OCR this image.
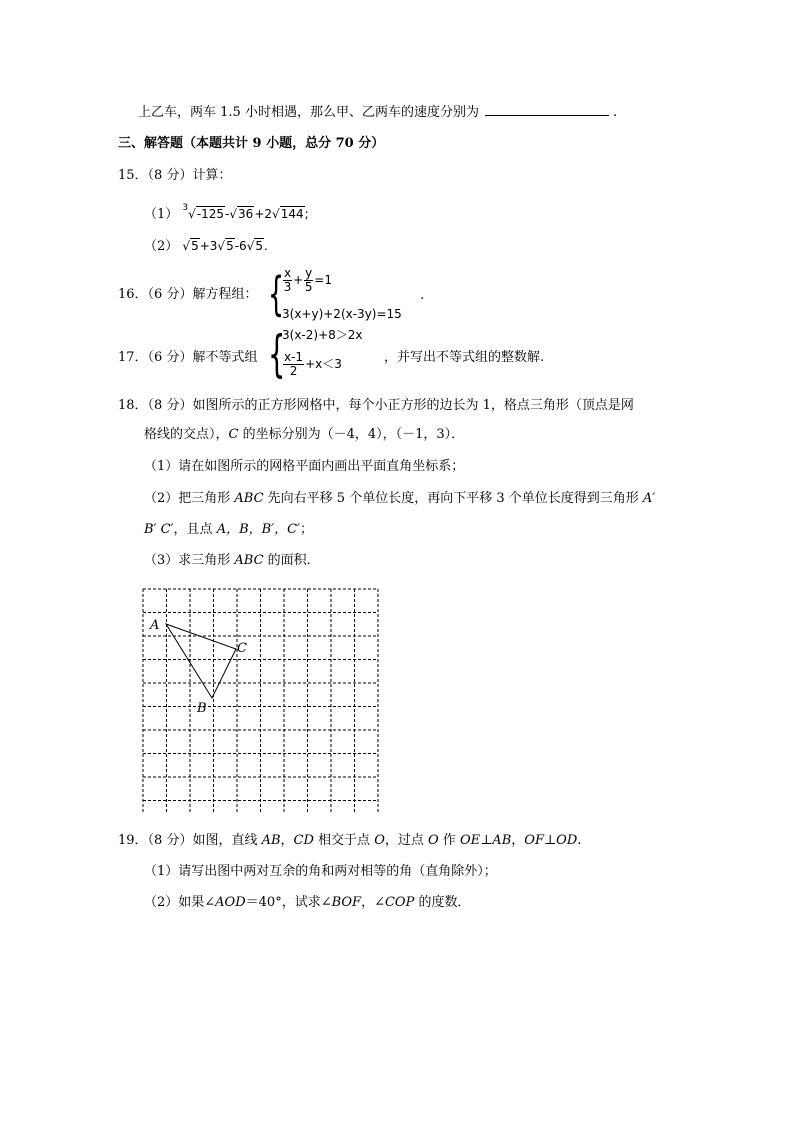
上乙车，两车 1.5 小时相遇，那么甲、乙两车的速度分别为	.
三、解答题（本题共计 9 小题，总分 70 分）
15．（8 分）计算：
（1） $^3$√-125-√36+2√144;
（2） √5+3√5-6√5.
16．（6 分）解方程组： {
$\frac{x}{3} + \frac{y}{5} =1$
3(x+y)+2(x-3y)=15
.
17．（6 分）解不等式组 {
3(x-2)+8＞2x
$\frac{x-1}{2} +x<3$	，并写出不等式组的整数解.
18．（8 分）如图所示的正方形网格中，每个小正方形的边长为 1，格点三角形（顶点是网
格线的交点），C 的坐标分别为（－4，4），（－1，3）．
（1）请在如图所示的网格平面内画出平面直角坐标系；
（2）把三角形 ABC 先向右平移 5 个单位长度，再向下平移 3 个单位长度得到三角形 A′
B′ C′，且点 A，B，B′，C′；
（3）求三角形 ABC 的面积．
A
B
C
19．（8 分）如图，直线 AB，CD 相交于点 O，过点 O 作 OE⊥AB，OF⊥OD.
（1）请写出图中两对互余的角和两对相等的角（直角除外）；
（2）如果∠AOD＝40°，试求∠BOF，∠COP 的度数．
